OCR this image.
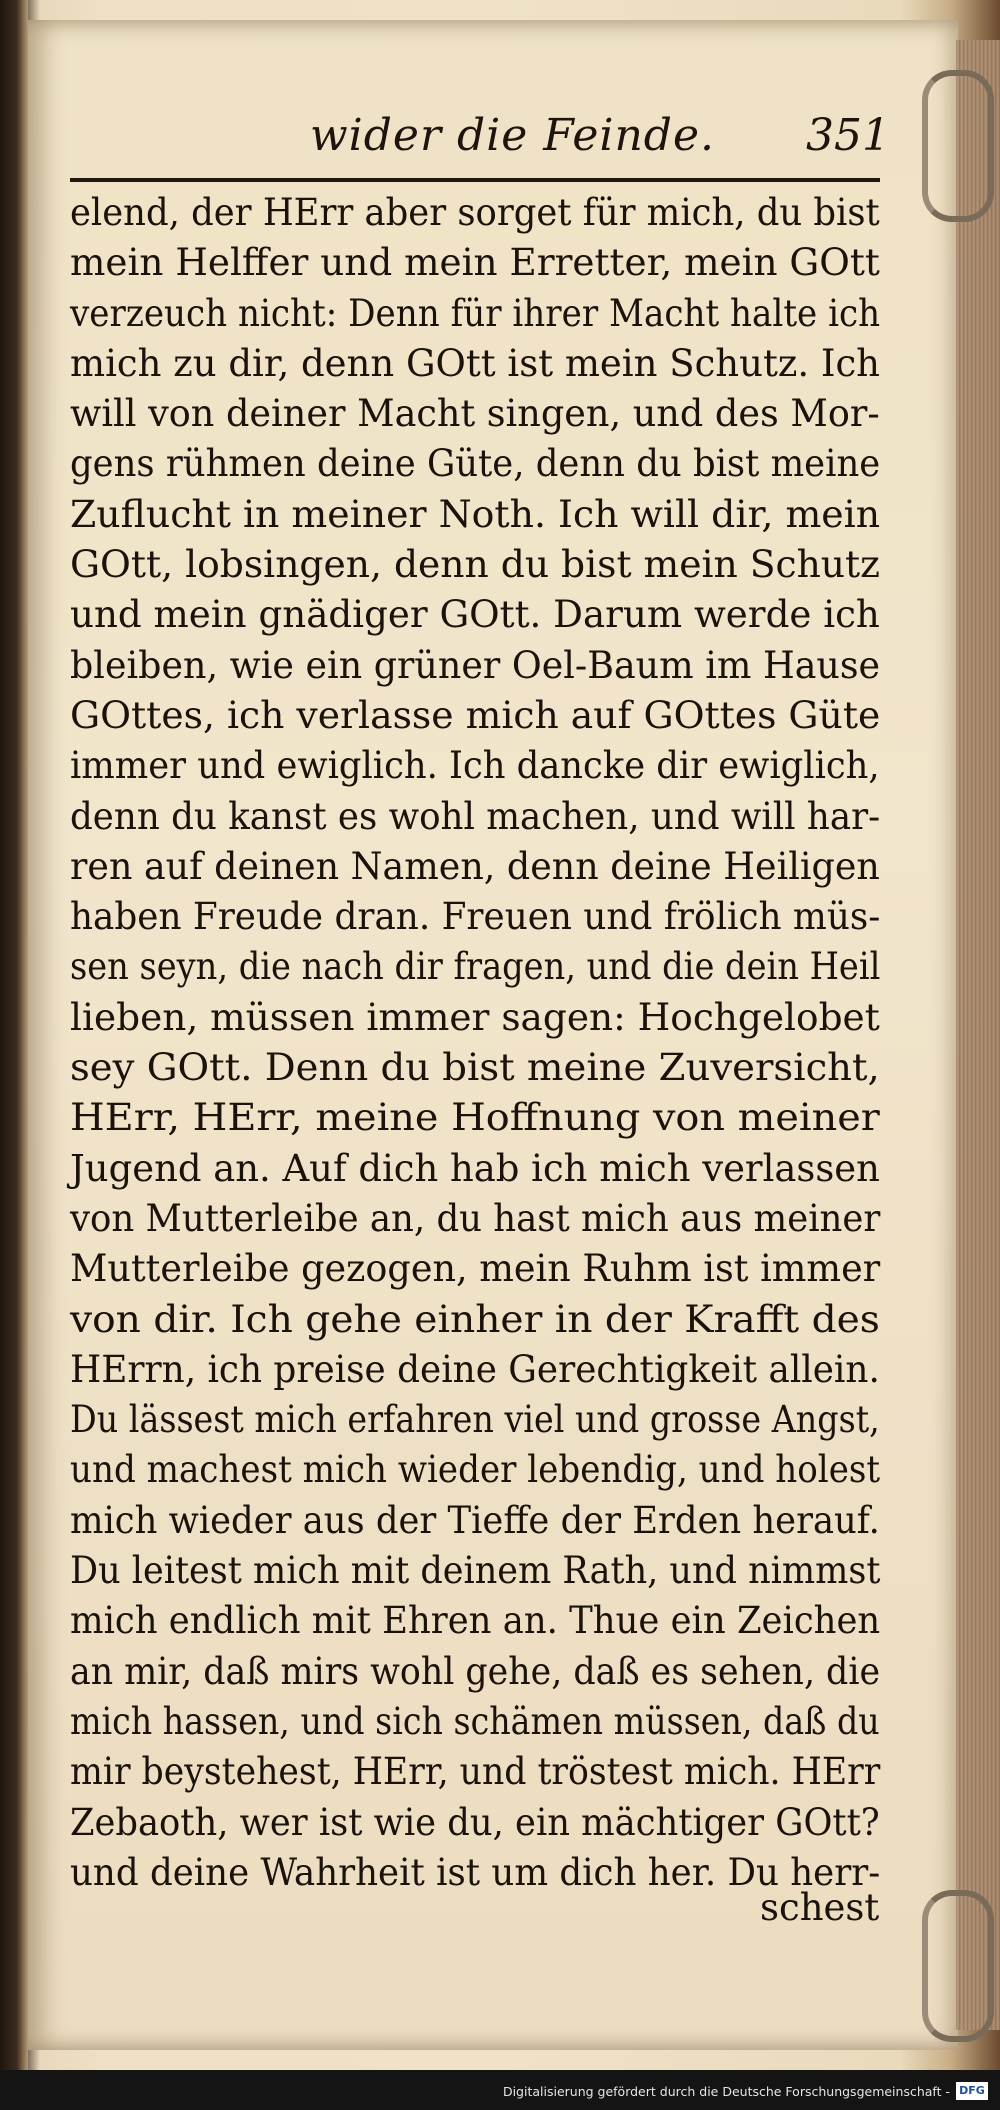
wider die Feinde. 351
elend, der HErr aber sorget für mich, du bist
mein Helffer und mein Erretter, mein GOtt
verzeuch nicht: Denn für ihrer Macht halte ich
mich zu dir, denn GOtt ist mein Schutz. Ich
will von deiner Macht singen, und des Mor-
gens rühmen deine Güte, denn du bist meine
Zuflucht in meiner Noth. Ich will dir, mein
GOtt, lobsingen, denn du bist mein Schutz
und mein gnädiger GOtt. Darum werde ich
bleiben, wie ein grüner Oel-Baum im Hause
GOttes, ich verlasse mich auf GOttes Güte
immer und ewiglich. Ich dancke dir ewiglich,
denn du kanst es wohl machen, und will har-
ren auf deinen Namen, denn deine Heiligen
haben Freude dran. Freuen und frölich müs-
sen seyn, die nach dir fragen, und die dein Heil
lieben, müssen immer sagen: Hochgelobet
sey GOtt. Denn du bist meine Zuversicht,
HErr, HErr, meine Hoffnung von meiner
Jugend an. Auf dich hab ich mich verlassen
von Mutterleibe an, du hast mich aus meiner
Mutterleibe gezogen, mein Ruhm ist immer
von dir. Ich gehe einher in der Krafft des
HErrn, ich preise deine Gerechtigkeit allein.
Du lässest mich erfahren viel und grosse Angst,
und machest mich wieder lebendig, und holest
mich wieder aus der Tieffe der Erden herauf.
Du leitest mich mit deinem Rath, und nimmst
mich endlich mit Ehren an. Thue ein Zeichen
an mir, daß mirs wohl gehe, daß es sehen, die
mich hassen, und sich schämen müssen, daß du
mir beystehest, HErr, und tröstest mich. HErr
Zebaoth, wer ist wie du, ein mächtiger GOtt?
und deine Wahrheit ist um dich her. Du herr-
schest
Digitalisierung gefördert durch die Deutsche Forschungsgemeinschaft - DFG
